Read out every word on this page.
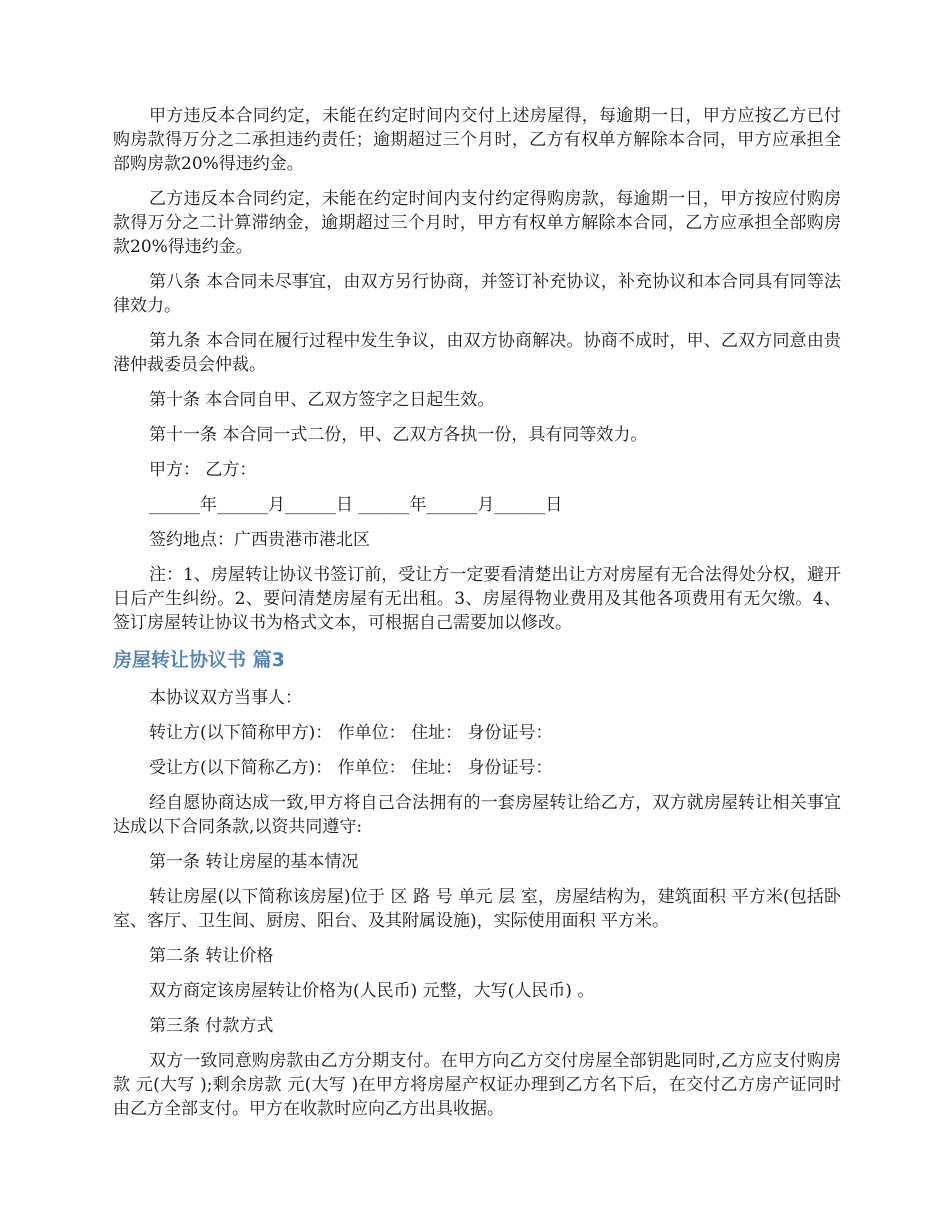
甲方违反本合同约定，未能在约定时间内交付上述房屋得，每逾期一日，甲方应按乙方已付购房款得万分之二承担违约责任；逾期超过三个月时，乙方有权单方解除本合同，甲方应承担全部购房款20%得违约金。

乙方违反本合同约定，未能在约定时间内支付约定得购房款，每逾期一日，甲方按应付购房款得万分之二计算滞纳金，逾期超过三个月时，甲方有权单方解除本合同，乙方应承担全部购房款20%得违约金。

第八条 本合同未尽事宜，由双方另行协商，并签订补充协议，补充协议和本合同具有同等法律效力。

第九条 本合同在履行过程中发生争议，由双方协商解决。协商不成时，甲、乙双方同意由贵港仲裁委员会仲裁。

第十条 本合同自甲、乙双方签字之日起生效。

第十一条 本合同一式二份，甲、乙双方各执一份，具有同等效力。

甲方： 乙方：

______年______月______日 ______年______月______日

签约地点：广西贵港市港北区

注：1、房屋转让协议书签订前，受让方一定要看清楚出让方对房屋有无合法得处分权，避开日后产生纠纷。2、要问清楚房屋有无出租。3、房屋得物业费用及其他各项费用有无欠缴。4、签订房屋转让协议书为格式文本，可根据自己需要加以修改。

房屋转让协议书 篇3

本协议双方当事人：

转让方(以下简称甲方)： 作单位： 住址： 身份证号：

受让方(以下简称乙方)： 作单位： 住址： 身份证号：

经自愿协商达成一致,甲方将自己合法拥有的一套房屋转让给乙方，双方就房屋转让相关事宜达成以下合同条款,以资共同遵守:

第一条 转让房屋的基本情况

转让房屋(以下简称该房屋)位于 区 路 号 单元 层 室，房屋结构为，建筑面积 平方米(包括卧室、客厅、卫生间、厨房、阳台、及其附属设施)，实际使用面积 平方米。

第二条 转让价格

双方商定该房屋转让价格为(人民币) 元整，大写(人民币) 。

第三条 付款方式

双方一致同意购房款由乙方分期支付。在甲方向乙方交付房屋全部钥匙同时,乙方应支付购房款 元(大写 );剩余房款 元(大写 )在甲方将房屋产权证办理到乙方名下后，在交付乙方房产证同时由乙方全部支付。甲方在收款时应向乙方出具收据。
